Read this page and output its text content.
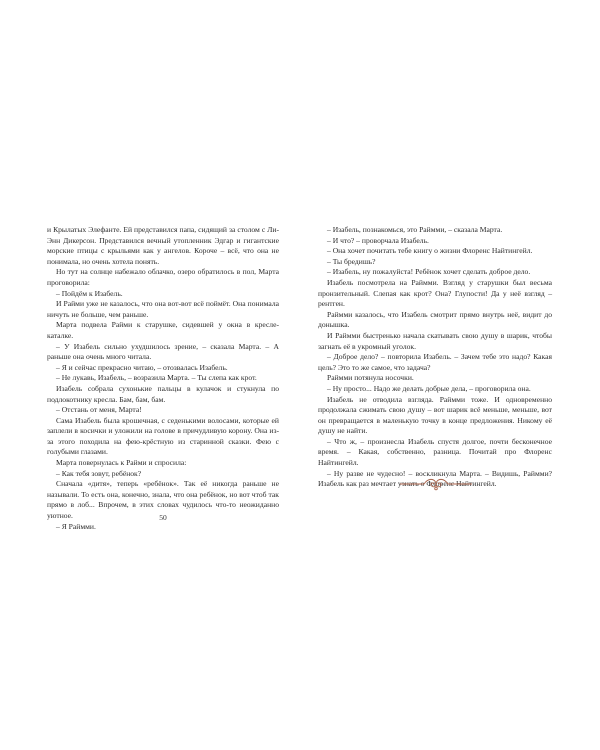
и Крылатых Элефанте. Ей представился папа, сидящий за столом с Ли-Энн Дикерсон. Представился вечный утопленник Эдгар и гигантские морские птицы с крыльями как у ангелов. Короче – всё, что она не понимала, но очень хотела понять.

Но тут на солнце набежало облачко, озеро обратилось в пол, Марта проговорила:

– Пойдём к Изабель.

И Райми уже не казалось, что она вот-вот всё поймёт. Она понимала ничуть не больше, чем раньше.

Марта подвела Райми к старушке, сидевшей у окна в кресле-каталке.

– У Изабель сильно ухудшилось зрение, – сказала Марта. – А раньше она очень много читала.

– Я и сейчас прекрасно читаю, – отозвалась Изабель.

– Не лукавь, Изабель, – возразила Марта. – Ты слепа как крот.

Изабель собрала сухонькие пальцы в кулачок и стукнула по подлокотнику кресла. Бам, бам, бам.

– Отстань от меня, Марта!

Сама Изабель была крошечная, с седенькими волосами, которые ей заплели в косички и уложили на голове в причудливую корону. Она из-за этого походила на фею-крёстную из старинной сказки. Фею с голубыми глазами.

Марта повернулась к Райми и спросила:

– Как тебя зовут, ребёнок?

Сначала «дитя», теперь «ребёнок». Так её никогда раньше не называли. То есть она, конечно, знала, что она ребёнок, но вот чтоб так прямо в лоб... Впрочем, в этих словах чудилось что-то неожиданно уютное.

– Я Раймми.

50

– Изабель, познакомься, это Раймми, – сказала Марта.

– И что? – проворчала Изабель.

– Она хочет почитать тебе книгу о жизни Флоренс Найтингейл.

– Ты бредишь?

– Изабель, ну пожалуйста! Ребёнок хочет сделать доброе дело.

Изабель посмотрела на Раймми. Взгляд у старушки был весьма пронзительный. Слепая как крот? Она? Глупости! Да у неё взгляд – рентген.

Раймми казалось, что Изабель смотрит прямо внутрь неё, видит до донышка.

И Раймми быстренько начала скатывать свою душу в шарик, чтобы загнать её в укромный уголок.

– Доброе дело? – повторила Изабель. – Зачем тебе это надо? Какая цель? Это то же самое, что задача?

Раймми потянула носочки.

– Ну просто... Надо же делать добрые дела, – проговорила она.

Изабель не отводила взгляда. Раймми тоже. И одновременно продолжала сжимать свою душу – вот шарик всё меньше, меньше, вот он превращается в маленькую точку в конце предложения. Никому её душу не найти.

– Что ж, – произнесла Изабель спустя долгое, почти бесконечное время. – Какая, собственно, разница. Почитай про Флоренс Найтингейл.

– Ну разве не чудесно! – воскликнула Марта. – Видишь, Раймми? Изабель как раз мечтает узнать о Флоренс Найтингейл.
